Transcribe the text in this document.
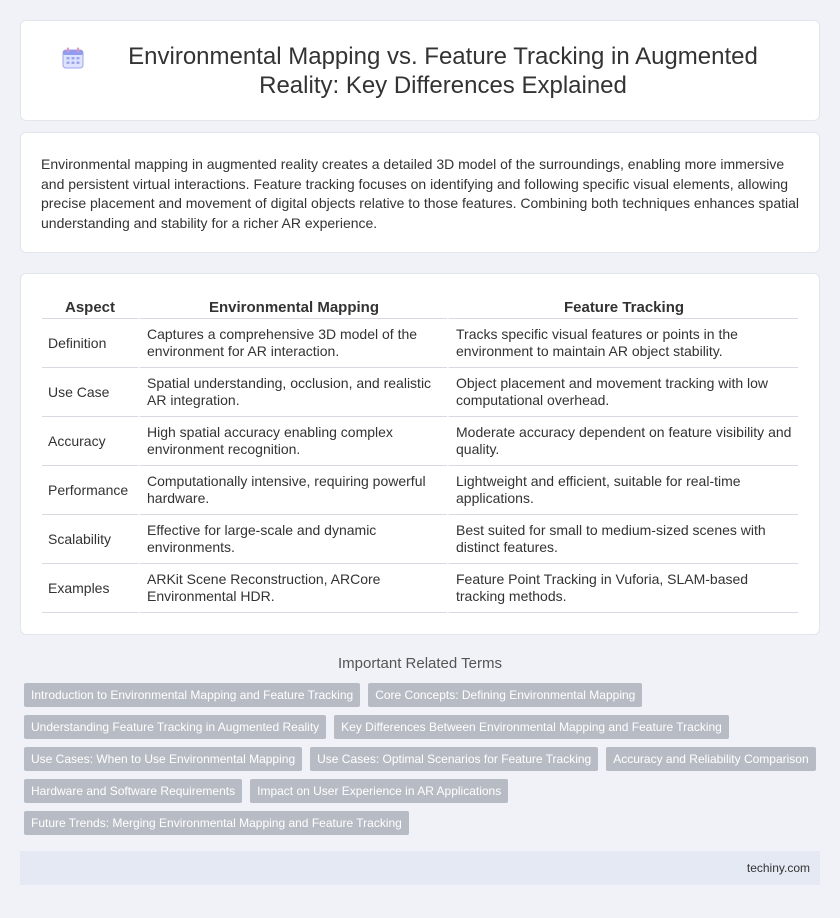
Environmental Mapping vs. Feature Tracking in Augmented Reality: Key Differences Explained

Environmental mapping in augmented reality creates a detailed 3D model of the surroundings, enabling more immersive and persistent virtual interactions. Feature tracking focuses on identifying and following specific visual elements, allowing precise placement and movement of digital objects relative to those features. Combining both techniques enhances spatial understanding and stability for a richer AR experience.

Aspect	Environmental Mapping	Feature Tracking
Definition	Captures a comprehensive 3D model of the environment for AR interaction.	Tracks specific visual features or points in the environment to maintain AR object stability.
Use Case	Spatial understanding, occlusion, and realistic AR integration.	Object placement and movement tracking with low computational overhead.
Accuracy	High spatial accuracy enabling complex environment recognition.	Moderate accuracy dependent on feature visibility and quality.
Performance	Computationally intensive, requiring powerful hardware.	Lightweight and efficient, suitable for real-time applications.
Scalability	Effective for large-scale and dynamic environments.	Best suited for small to medium-sized scenes with distinct features.
Examples	ARKit Scene Reconstruction, ARCore Environmental HDR.	Feature Point Tracking in Vuforia, SLAM-based tracking methods.
Important Related Terms
Introduction to Environmental Mapping and Feature Tracking	Core Concepts: Defining Environmental Mapping
Understanding Feature Tracking in Augmented Reality	Key Differences Between Environmental Mapping and Feature Tracking
Use Cases: When to Use Environmental Mapping	Use Cases: Optimal Scenarios for Feature Tracking	Accuracy and Reliability Comparison
Hardware and Software Requirements	Impact on User Experience in AR Applications
Future Trends: Merging Environmental Mapping and Feature Tracking
techiny.com
